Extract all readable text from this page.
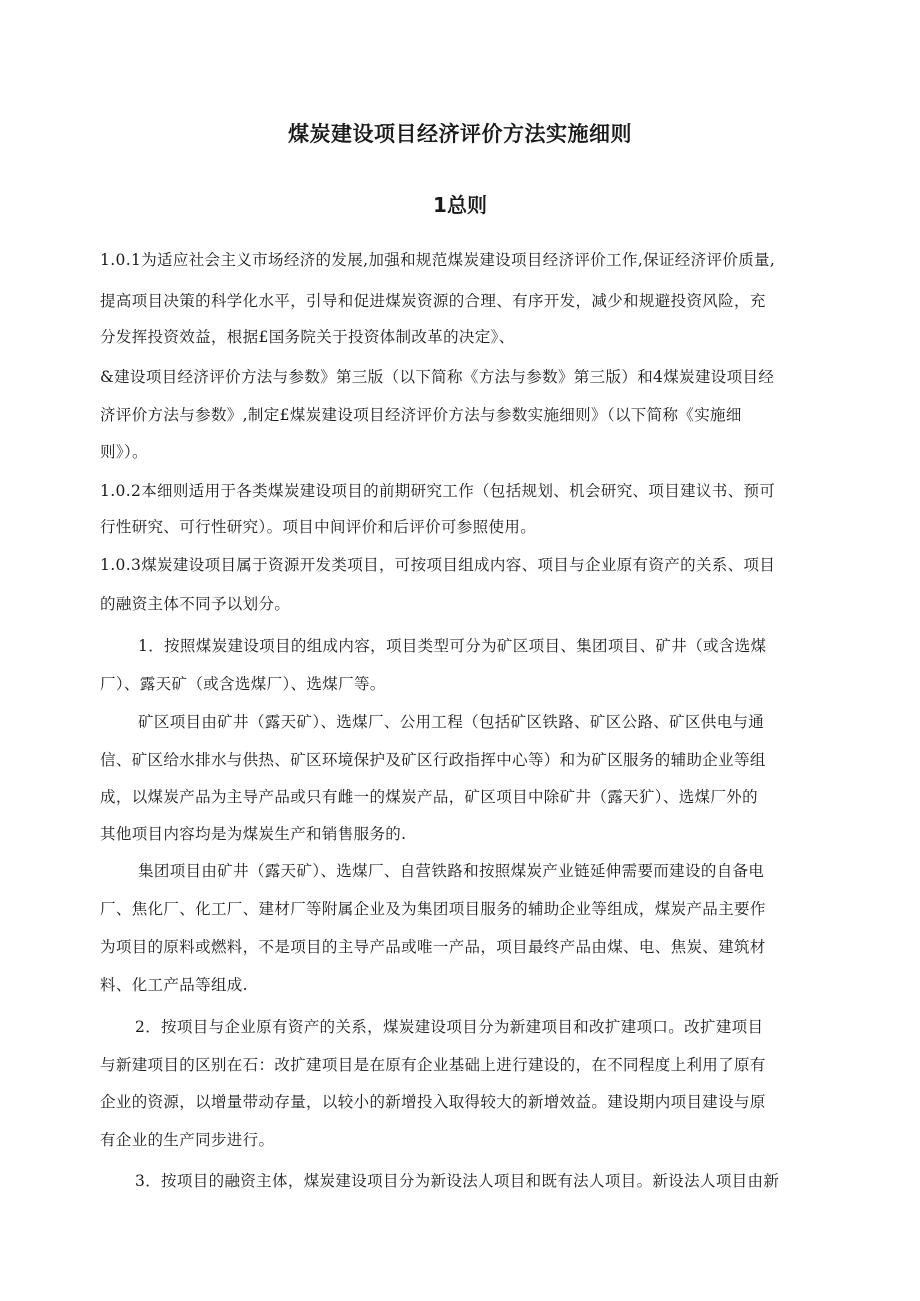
煤炭建设项目经济评价方法实施细则
1总则

1.0.1为适应社会主义市场经济的发展,加强和规范煤炭建设项目经济评价工作,保证经济评价质量,

提高项目决策的科学化水平，引导和促进煤炭资源的合理、有序开发，减少和规避投资风险，充

分发挥投资效益，根据£国务院关于投资体制改革的决定》、

&建设项目经济评价方法与参数》第三版（以下简称《方法与参数》第三版）和4煤炭建设项目经

济评价方法与参数》,制定£煤炭建设项目经济评价方法与参数实施细则》（以下简称《实施细

则》）。

1.0.2本细则适用于各类煤炭建设项目的前期研究工作（包括规划、机会研究、项目建议书、预可

行性研究、可行性研究）。项目中间评价和后评价可参照使用。

1.0.3煤炭建设项目属于资源开发类项目，可按项目组成内容、项目与企业原有资产的关系、项目

的融资主体不同予以划分。

1．按照煤炭建设项目的组成内容，项目类型可分为矿区项目、集团项目、矿井（或含选煤

厂）、露天矿（或含选煤厂）、选煤厂等。

矿区项目由矿井（露天矿）、选煤厂、公用工程（包括矿区铁路、矿区公路、矿区供电与通

信、矿区给水排水与供热、矿区环境保护及矿区行政指挥中心等）和为矿区服务的辅助企业等组

成，以煤炭产品为主导产品或只有雌一的煤炭产品，矿区项目中除矿井（露天犷）、选煤厂外的

其他项目内容均是为煤炭生产和销售服务的.

集团项目由矿井（露天矿）、选煤厂、自营铁路和按照煤炭产业链延伸需要而建设的自备电

厂、焦化厂、化工厂、建材厂等附属企业及为集团项目服务的辅助企业等组成，煤炭产品主要作

为项目的原料或燃料，不是项目的主导产品或唯一产品，项目最终产品由煤、电、焦炭、建筑材

料、化工产品等组成.

2．按项目与企业原有资产的关系，煤炭建设项目分为新建项目和改扩建项口。改扩建项目

与新建项目的区别在石：改扩建项目是在原有企业基础上进行建设的，在不同程度上利用了原有

企业的资源，以增量带动存量，以较小的新增投入取得较大的新增效益。建设期内项目建设与原

有企业的生产同步进行。

3．按项目的融资主体，煤炭建设项目分为新设法人项目和既有法人项目。新设法人项目由新
